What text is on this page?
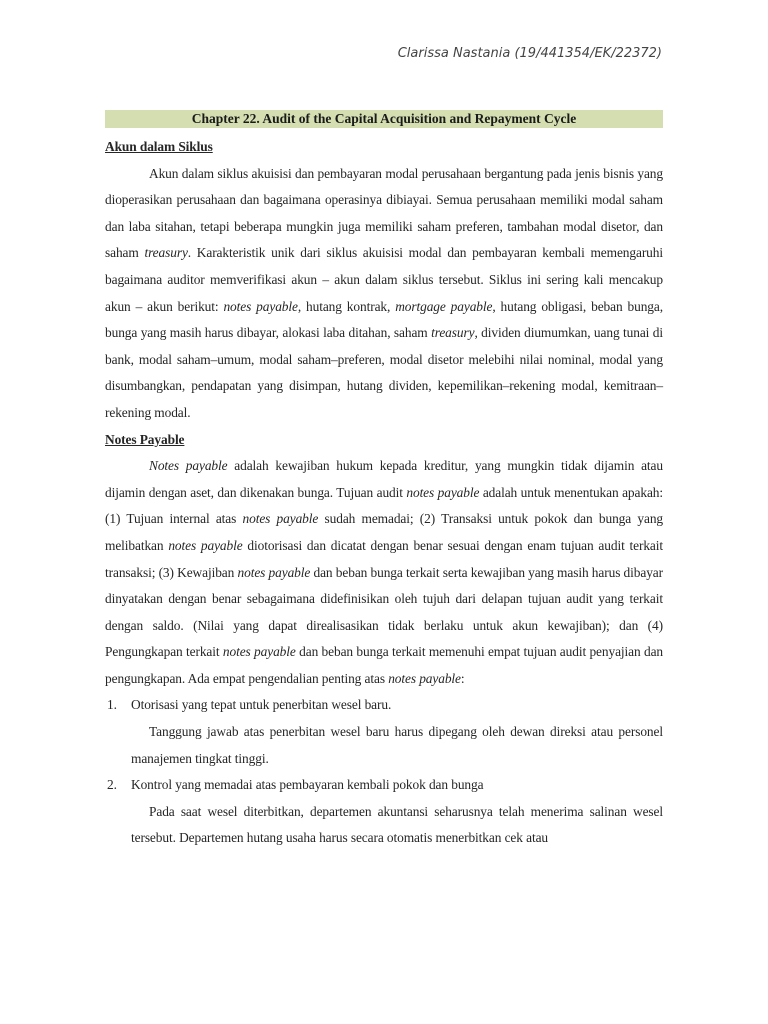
Clarissa Nastania (19/441354/EK/22372)
Chapter 22. Audit of the Capital Acquisition and Repayment Cycle
Akun dalam Siklus

Akun dalam siklus akuisisi dan pembayaran modal perusahaan bergantung pada jenis bisnis yang dioperasikan perusahaan dan bagaimana operasinya dibiayai. Semua perusahaan memiliki modal saham dan laba sitahan, tetapi beberapa mungkin juga memiliki saham preferen, tambahan modal disetor, dan saham treasury. Karakteristik unik dari siklus akuisisi modal dan pembayaran kembali memengaruhi bagaimana auditor memverifikasi akun – akun dalam siklus tersebut. Siklus ini sering kali mencakup akun – akun berikut: notes payable, hutang kontrak, mortgage payable, hutang obligasi, beban bunga, bunga yang masih harus dibayar, alokasi laba ditahan, saham treasury, dividen diumumkan, uang tunai di bank, modal saham–umum, modal saham–preferen, modal disetor melebihi nilai nominal, modal yang disumbangkan, pendapatan yang disimpan, hutang dividen, kepemilikan–rekening modal, kemitraan–rekening modal.

Notes Payable

Notes payable adalah kewajiban hukum kepada kreditur, yang mungkin tidak dijamin atau dijamin dengan aset, dan dikenakan bunga. Tujuan audit notes payable adalah untuk menentukan apakah: (1) Tujuan internal atas notes payable sudah memadai; (2) Transaksi untuk pokok dan bunga yang melibatkan notes payable diotorisasi dan dicatat dengan benar sesuai dengan enam tujuan audit terkait transaksi; (3) Kewajiban notes payable dan beban bunga terkait serta kewajiban yang masih harus dibayar dinyatakan dengan benar sebagaimana didefinisikan oleh tujuh dari delapan tujuan audit yang terkait dengan saldo. (Nilai yang dapat direalisasikan tidak berlaku untuk akun kewajiban); dan (4) Pengungkapan terkait notes payable dan beban bunga terkait memenuhi empat tujuan audit penyajian dan pengungkapan. Ada empat pengendalian penting atas notes payable:

1. Otorisasi yang tepat untuk penerbitan wesel baru.

Tanggung jawab atas penerbitan wesel baru harus dipegang oleh dewan direksi atau personel manajemen tingkat tinggi.

2. Kontrol yang memadai atas pembayaran kembali pokok dan bunga

Pada saat wesel diterbitkan, departemen akuntansi seharusnya telah menerima salinan wesel tersebut. Departemen hutang usaha harus secara otomatis menerbitkan cek atau
